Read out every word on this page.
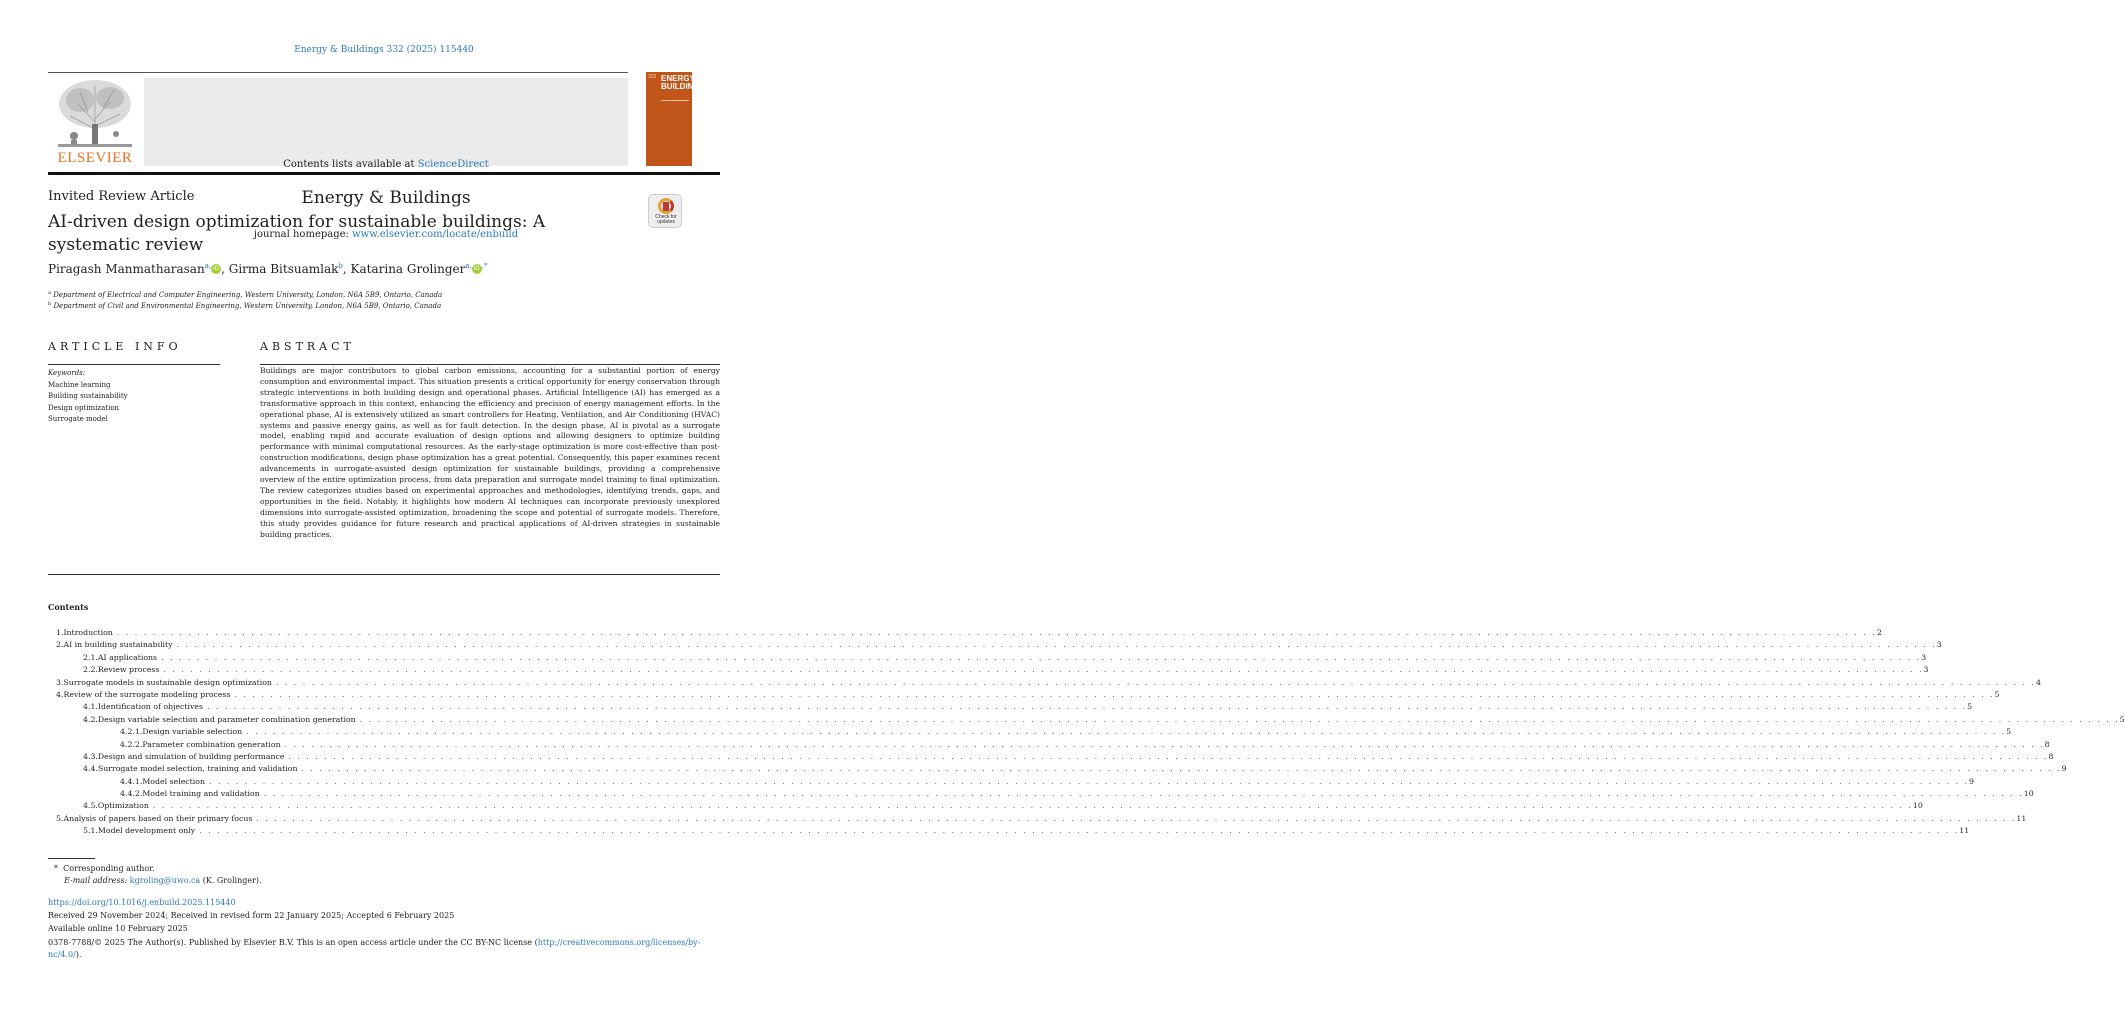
Energy & Buildings 332 (2025) 115440
ELSEVIER	Contents lists available at ScienceDirect
Energy & Buildings
journal homepage: www.elsevier.com/locate/enbuild
332 ENERGY BUILDINGS
Invited Review Article
AI-driven design optimization for sustainable buildings: A systematic review
Check for updates
Piragash Manmatharasan$^{a,}$ iD , Girma Bitsuamlak$^b$, Katarina Grolinger$^{a,}$ iD ,*
$^a$ Department of Electrical and Computer Engineering, Western University, London, N6A 5B9, Ontario, Canada
$^b$ Department of Civil and Environmental Engineering, Western University, London, N6A 5B9, Ontario, Canada
ARTICLE INFO
Keywords:
Machine learning
Building sustainability
Design optimization
Surrogate model
ABSTRACT
Buildings are major contributors to global carbon emissions, accounting for a substantial portion of energy consumption and environmental impact. This situation presents a critical opportunity for energy conservation through strategic interventions in both building design and operational phases. Artificial Intelligence (AI) has emerged as a transformative approach in this context, enhancing the efficiency and precision of energy management efforts. In the operational phase, AI is extensively utilized as smart controllers for Heating, Ventilation, and Air Conditioning (HVAC) systems and passive energy gains, as well as for fault detection. In the design phase, AI is pivotal as a surrogate model, enabling rapid and accurate evaluation of design options and allowing designers to optimize building performance with minimal computational resources. As the early-stage optimization is more cost-effective than post-construction modifications, design phase optimization has a great potential. Consequently, this paper examines recent advancements in surrogate-assisted design optimization for sustainable buildings, providing a comprehensive overview of the entire optimization process, from data preparation and surrogate model training to final optimization. The review categorizes studies based on experimental approaches and methodologies, identifying trends, gaps, and opportunities in the field. Notably, it highlights how modern AI techniques can incorporate previously unexplored dimensions into surrogate-assisted optimization, broadening the scope and potential of surrogate models. Therefore, this study provides guidance for future research and practical applications of AI-driven strategies in sustainable building practices.
Contents
1. Introduction . . .	2
2. AI in building sustainability . . .	3
2.1. AI applications . . .	3
2.2. Review process . . .	3
3. Surrogate models in sustainable design optimization . . .	4
4. Review of the surrogate modeling process . . .	5
4.1. Identification of objectives . . .	5
4.2. Design variable selection and parameter combination generation . . .	5
4.2.1. Design variable selection . . .	5
4.2.2. Parameter combination generation . . .	8
4.3. Design and simulation of building performance . . .	8
4.4. Surrogate model selection, training and validation . . .	9
4.4.1. Model selection . . .	9
4.4.2. Model training and validation . . .	10
4.5. Optimization . . .	10
5. Analysis of papers based on their primary focus . . .	11
5.1. Model development only . . .	11
* Corresponding author.
E-mail address: kgroling@uwo.ca (K. Grolinger).
https://doi.org/10.1016/j.enbuild.2025.115440
Received 29 November 2024; Received in revised form 22 January 2025; Accepted 6 February 2025
Available online 10 February 2025
0378-7788/© 2025 The Author(s). Published by Elsevier B.V. This is an open access article under the CC BY-NC license (http://creativecommons.org/licenses/by-nc/4.0/).
